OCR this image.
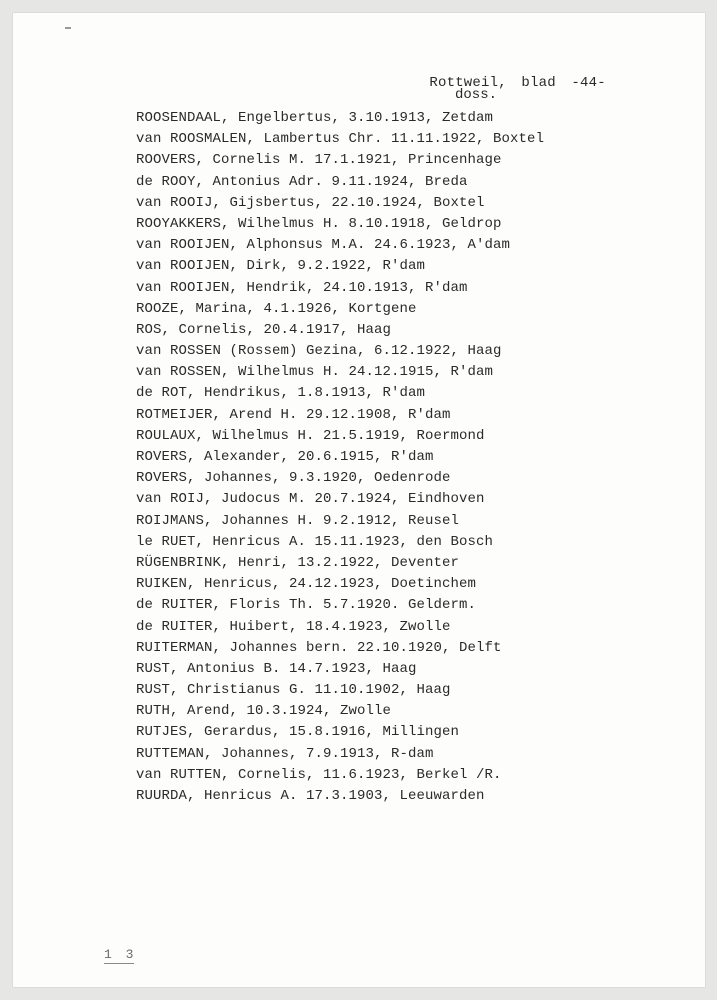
Rottweil, blad -44-

doss.
ROOSENDAAL, Engelbertus, 3.10.1913, Zetdam
van ROOSMALEN, Lambertus Chr. 11.11.1922, Boxtel
ROOVERS, Cornelis M. 17.1.1921, Princenhage
de ROOY, Antonius Adr. 9.11.1924, Breda
van ROOIJ, Gijsbertus, 22.10.1924, Boxtel
ROOYAKKERS, Wilhelmus H. 8.10.1918, Geldrop
van ROOIJEN, Alphonsus M.A. 24.6.1923, A'dam
van ROOIJEN, Dirk, 9.2.1922, R'dam
van ROOIJEN, Hendrik, 24.10.1913, R'dam
ROOZE, Marina, 4.1.1926, Kortgene
ROS, Cornelis, 20.4.1917, Haag
van ROSSEN (Rossem) Gezina, 6.12.1922, Haag
van ROSSEN, Wilhelmus H. 24.12.1915, R'dam
de ROT, Hendrikus, 1.8.1913, R'dam
ROTMEIJER, Arend H. 29.12.1908, R'dam
ROULAUX, Wilhelmus H. 21.5.1919, Roermond
ROVERS, Alexander, 20.6.1915, R'dam
ROVERS, Johannes, 9.3.1920, Oedenrode
van ROIJ, Judocus M. 20.7.1924, Eindhoven
ROIJMANS, Johannes H. 9.2.1912, Reusel
le RUET, Henricus A. 15.11.1923, den Bosch
RÜGENBRINK, Henri, 13.2.1922, Deventer
RUIKEN, Henricus, 24.12.1923, Doetinchem
de RUITER, Floris Th. 5.7.1920. Gelderm.
de RUITER, Huibert, 18.4.1923, Zwolle
RUITERMAN, Johannes bern. 22.10.1920, Delft
RUST, Antonius B. 14.7.1923, Haag
RUST, Christianus G. 11.10.1902, Haag
RUTH, Arend, 10.3.1924, Zwolle
RUTJES, Gerardus, 15.8.1916, Millingen
RUTTEMAN, Johannes, 7.9.1913, R-dam
van RUTTEN, Cornelis, 11.6.1923, Berkel /R.
RUURDA, Henricus A. 17.3.1903, Leeuwarden
1 3
